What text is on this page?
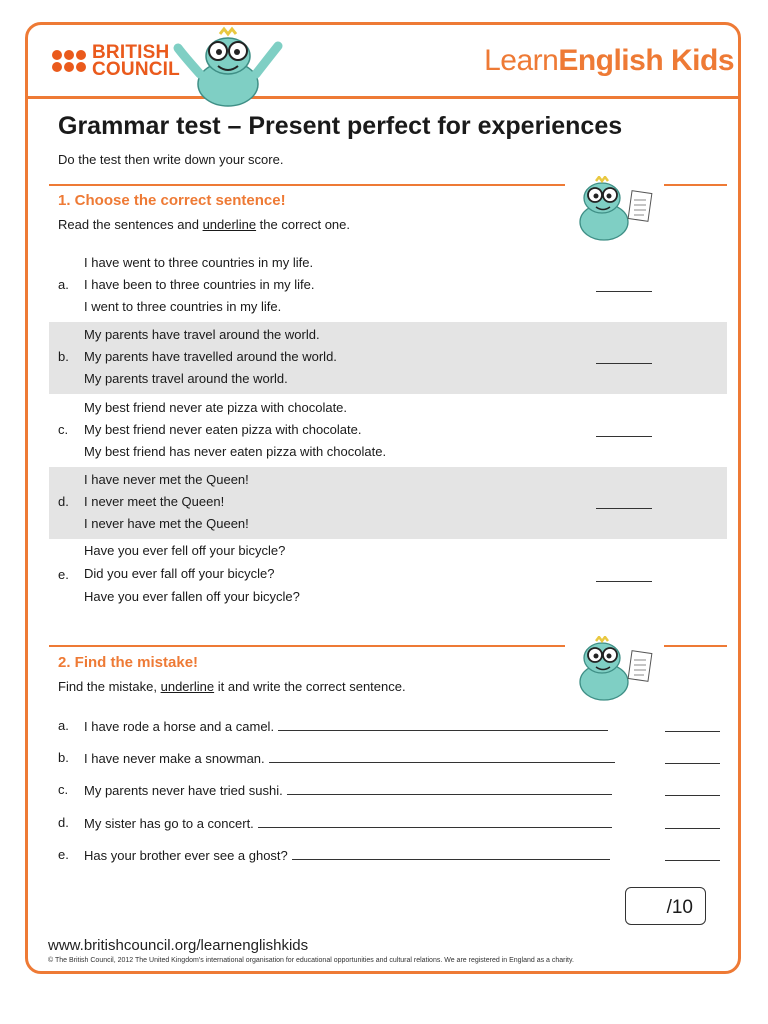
BRITISH
COUNCIL	LearnEnglish Kids
Grammar test – Present perfect for experiences
Do the test then write down your score.
1. Choose the correct sentence!
Read the sentences and underline the correct one.
a.
I have went to three countries in my life.
I have been to three countries in my life.
I went to three countries in my life.
b.
My parents have travel around the world.
My parents have travelled around the world.
My parents travel around the world.
c.
My best friend never ate pizza with chocolate.
My best friend never eaten pizza with chocolate.
My best friend has never eaten pizza with chocolate.
d.
I have never met the Queen!
I never meet the Queen!
I never have met the Queen!
e.
Have you ever fell off your bicycle?
Did you ever fall off your bicycle?
Have you ever fallen off your bicycle?
2. Find the mistake!
Find the mistake, underline it and write the correct sentence.
a. I have rode a horse and a camel.
b. I have never make a snowman.
c. My parents never have tried sushi.
d. My sister has go to a concert.
e. Has your brother ever see a ghost?
/10
www.britishcouncil.org/learnenglishkids
© The British Council, 2012 The United Kingdom’s international organisation for educational opportunities and cultural relations. We are registered in England as a charity.
